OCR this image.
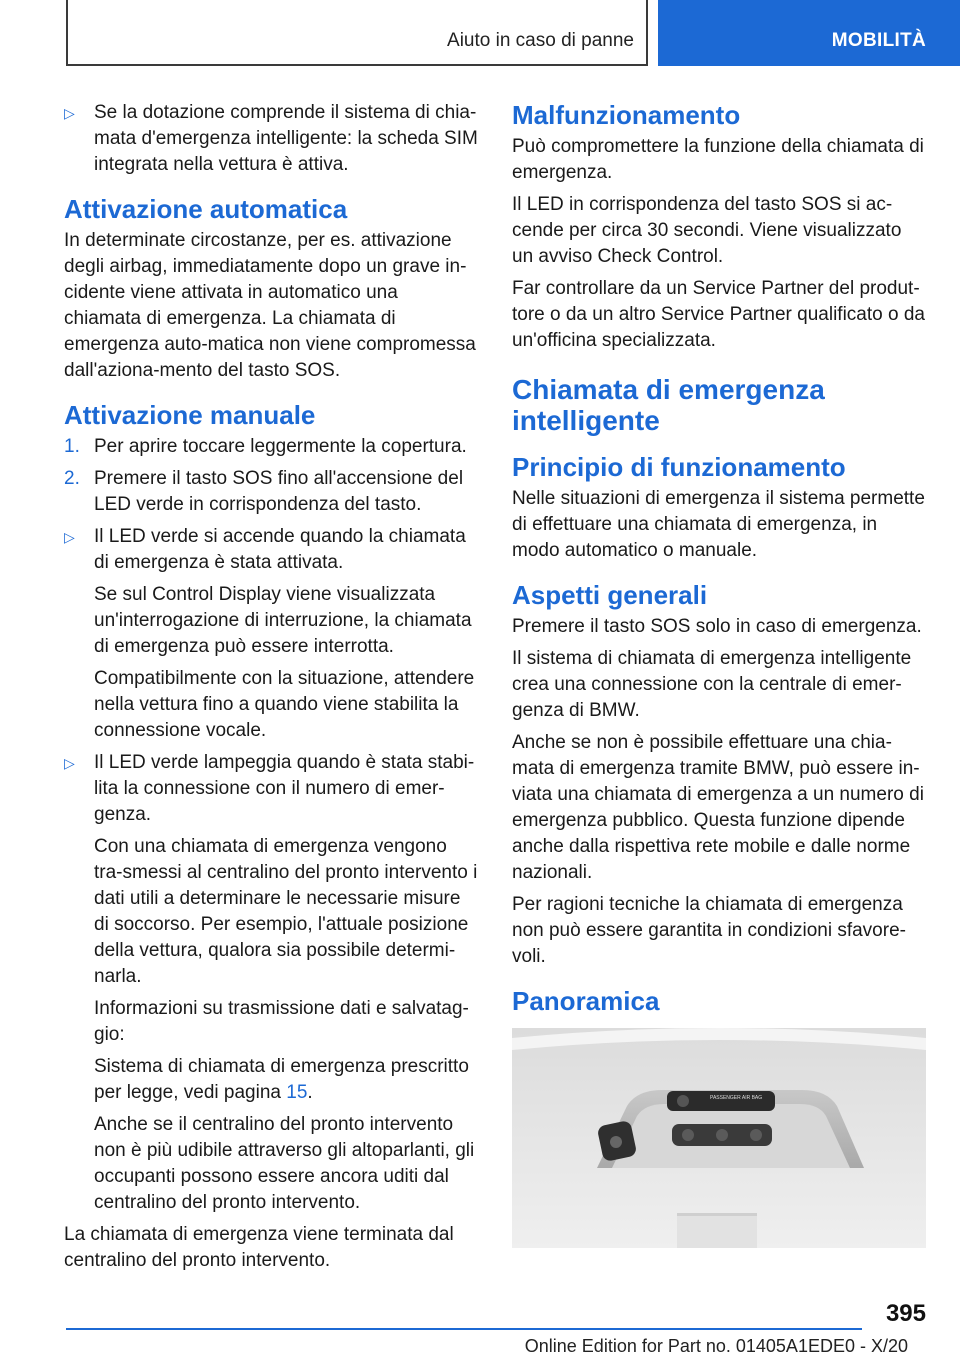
Aiuto in caso di panne	MOBILITÀ

▷ Se la dotazione comprende il sistema di chia-mata d'emergenza intelligente: la scheda SIM integrata nella vettura è attiva.

Attivazione automatica

In determinate circostanze, per es. attivazione degli airbag, immediatamente dopo un grave in-cidente viene attivata in automatico una chiamata di emergenza. La chiamata di emergenza auto-matica non viene compromessa dall'aziona-mento del tasto SOS.

Attivazione manuale

1. Per aprire toccare leggermente la copertura.

2. Premere il tasto SOS fino all'accensione del LED verde in corrispondenza del tasto.

▷ Il LED verde si accende quando la chiamata di emergenza è stata attivata.

Se sul Control Display viene visualizzata un'interrogazione di interruzione, la chiamata di emergenza può essere interrotta.

Compatibilmente con la situazione, attendere nella vettura fino a quando viene stabilita la connessione vocale.

▷ Il LED verde lampeggia quando è stata stabi-lita la connessione con il numero di emer-genza.

Con una chiamata di emergenza vengono tra-smessi al centralino del pronto intervento i dati utili a determinare le necessarie misure di soccorso. Per esempio, l'attuale posizione della vettura, qualora sia possibile determi-narla.

Informazioni su trasmissione dati e salvatag-gio:

Sistema di chiamata di emergenza prescritto per legge, vedi pagina 15.

Anche se il centralino del pronto intervento non è più udibile attraverso gli altoparlanti, gli occupanti possono essere ancora uditi dal centralino del pronto intervento.

La chiamata di emergenza viene terminata dal centralino del pronto intervento.

Malfunzionamento

Può compromettere la funzione della chiamata di emergenza.

Il LED in corrispondenza del tasto SOS si ac-cende per circa 30 secondi. Viene visualizzato un avviso Check Control.

Far controllare da un Service Partner del produt-tore o da un altro Service Partner qualificato o da un'officina specializzata.

Chiamata di emergenza intelligente
Principio di funzionamento

Nelle situazioni di emergenza il sistema permette di effettuare una chiamata di emergenza, in modo automatico o manuale.

Aspetti generali

Premere il tasto SOS solo in caso di emergenza.

Il sistema di chiamata di emergenza intelligente crea una connessione con la centrale di emer-genza di BMW.

Anche se non è possibile effettuare una chia-mata di emergenza tramite BMW, può essere in-viata una chiamata di emergenza a un numero di emergenza pubblico. Questa funzione dipende anche dalla rispettiva rete mobile e dalle norme nazionali.

Per ragioni tecniche la chiamata di emergenza non può essere garantita in condizioni sfavore-voli.

Panoramica
PASSENGER AIR BAG
395
Online Edition for Part no. 01405A1EDE0 - X/20
